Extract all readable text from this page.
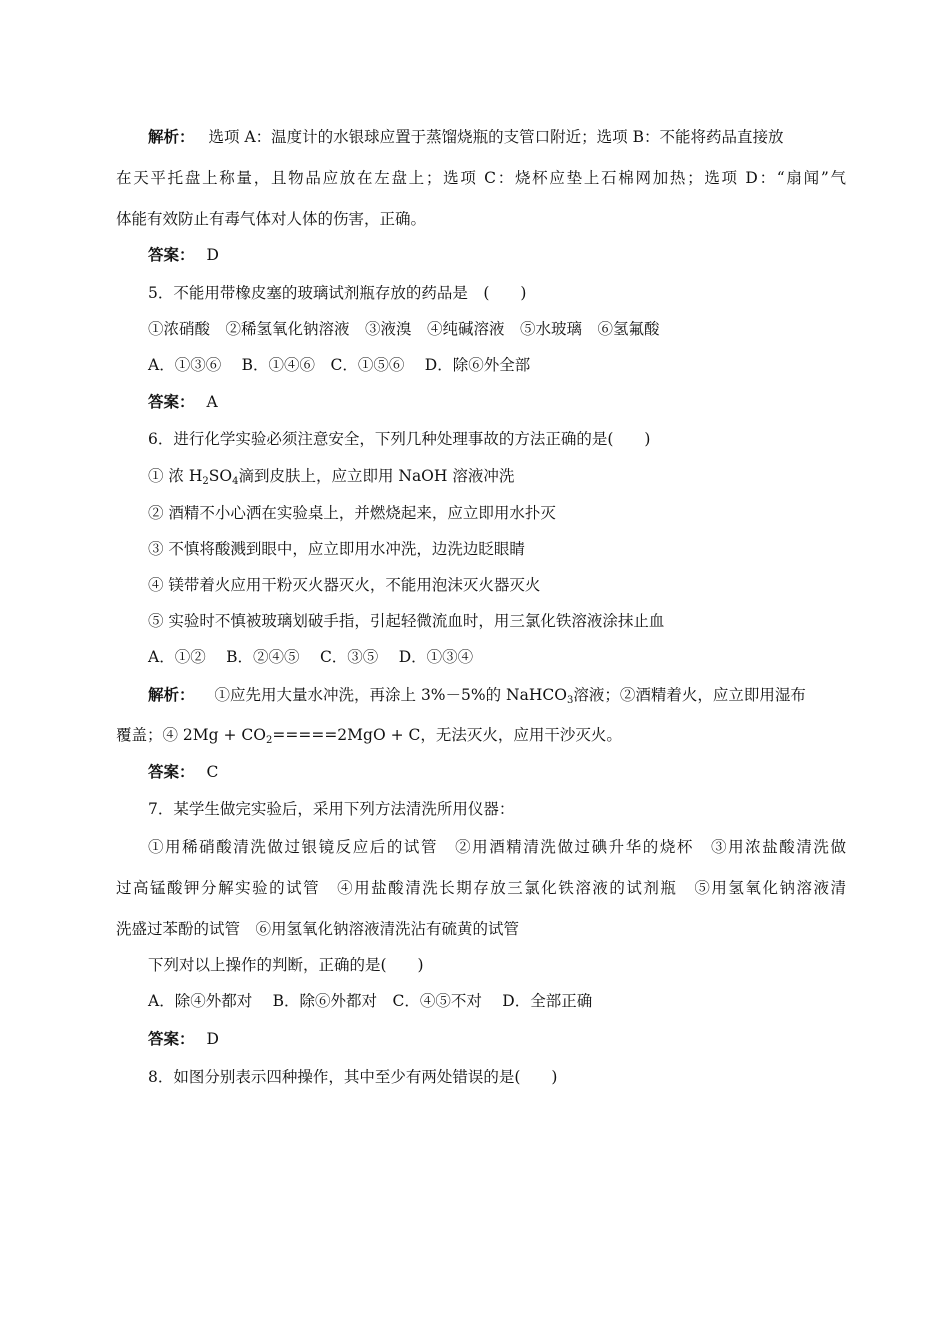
解析： 选项 A：温度计的水银球应置于蒸馏烧瓶的支管口附近；选项 B：不能将药品直接放
在天平托盘上称量，且物品应放在左盘上；选项 C：烧杯应垫上石棉网加热；选项 D：“扇闻”气
体能有效防止有毒气体对人体的伤害，正确。
答案： D
5．不能用带橡皮塞的玻璃试剂瓶存放的药品是　(　　)
①浓硝酸　②稀氢氧化钠溶液　③液溴　④纯碱溶液　⑤水玻璃　⑥氢氟酸
A．①③⑥　 B．①④⑥　C．①⑤⑥　 D．除⑥外全部
答案： A
6．进行化学实验必须注意安全，下列几种处理事故的方法正确的是(　　)
① 浓 $H_2SO_4$滴到皮肤上，应立即用 NaOH 溶液冲洗
② 酒精不小心洒在实验桌上，并燃烧起来，应立即用水扑灭
③ 不慎将酸溅到眼中，应立即用水冲洗，边洗边眨眼睛
④ 镁带着火应用干粉灭火器灭火，不能用泡沫灭火器灭火
⑤ 实验时不慎被玻璃划破手指，引起轻微流血时，用三氯化铁溶液涂抹止血
A．①②　 B．②④⑤　 C．③⑤　 D．①③④
解析： ①应先用大量水冲洗，再涂上 3%－5%的 NaHCO$_3$溶液；②酒精着火，应立即用湿布
覆盖；④ $2Mg + CO_2=====2MgO + C$，无法灭火，应用干沙灭火。
答案： C
7．某学生做完实验后，采用下列方法清洗所用仪器：
①用稀硝酸清洗做过银镜反应后的试管　②用酒精清洗做过碘升华的烧杯　③用浓盐酸清洗做
过高锰酸钾分解实验的试管　④用盐酸清洗长期存放三氯化铁溶液的试剂瓶　⑤用氢氧化钠溶液清
洗盛过苯酚的试管　⑥用氢氧化钠溶液清洗沾有硫黄的试管
下列对以上操作的判断，正确的是(　　)
A．除④外都对　 B．除⑥外都对　C．④⑤不对　 D．全部正确
答案： D
8．如图分别表示四种操作，其中至少有两处错误的是(　　)
